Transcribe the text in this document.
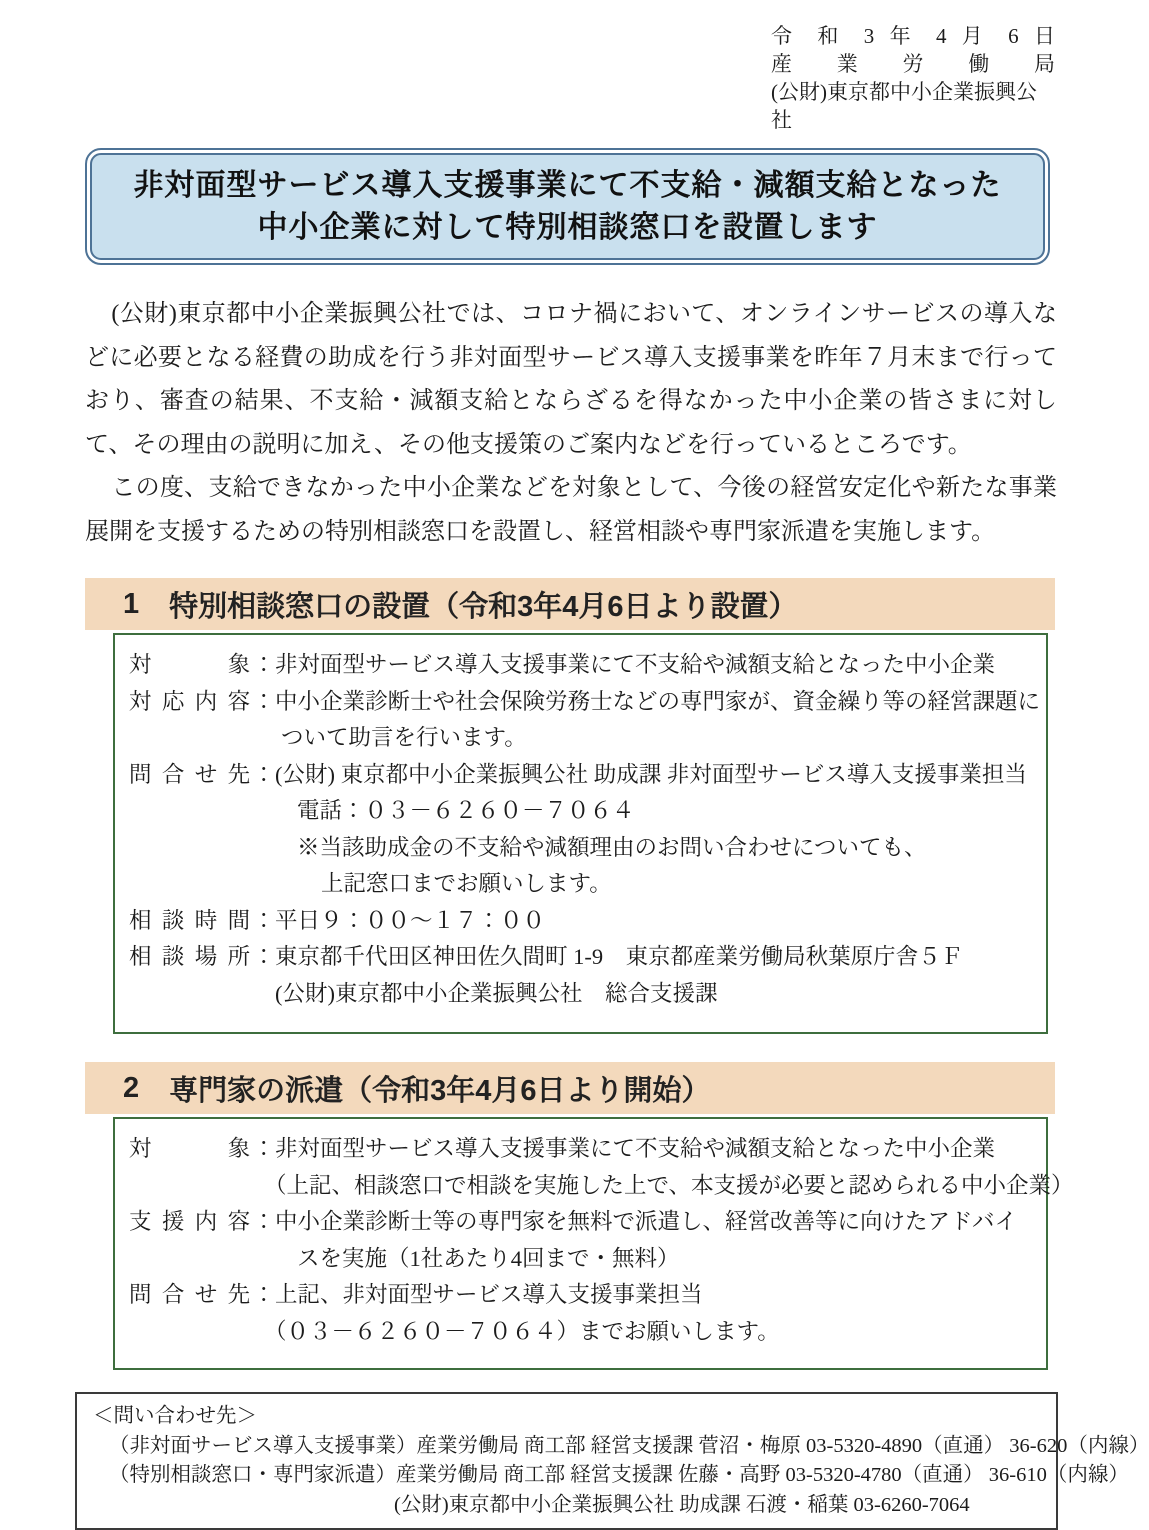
令 和 3 年 4 月 6 日
産 業 労 働 局
(公財)東京都中小企業振興公社
非対面型サービス導入支援事業にて不支給・減額支給となった
中小企業に対して特別相談窓口を設置します

(公財)東京都中小企業振興公社では、コロナ禍において、オンラインサービスの導入などに必要となる経費の助成を行う非対面型サービス導入支援事業を昨年７月末まで行っており、審査の結果、不支給・減額支給とならざるを得なかった中小企業の皆さまに対して、その理由の説明に加え、その他支援策のご案内などを行っているところです。

この度、支給できなかった中小企業などを対象として、今後の経営安定化や新たな事業展開を支援するための特別相談窓口を設置し、経営相談や専門家派遣を実施します。

1 特別相談窓口の設置（令和3年4月6日より設置）
対　　　象： 非対面型サービス導入支援事業にて不支給や減額支給となった中小企業
対 応 内 容： 中小企業診断士や社会保険労務士などの専門家が、資金繰り等の経営課題に
ついて助言を行います。
問 合 せ 先： (公財) 東京都中小企業振興公社 助成課 非対面型サービス導入支援事業担当
電話：０３－６２６０－７０６４
※当該助成金の不支給や減額理由のお問い合わせについても、
上記窓口までお願いします。
相 談 時 間： 平日９：００～１７：００
相 談 場 所： 東京都千代田区神田佐久間町 1-9　東京都産業労働局秋葉原庁舎５Ｆ
(公財)東京都中小企業振興公社　総合支援課
2 専門家の派遣（令和3年4月6日より開始）
対　　　象： 非対面型サービス導入支援事業にて不支給や減額支給となった中小企業
（上記、相談窓口で相談を実施した上で、本支援が必要と認められる中小企業）
支 援 内 容： 中小企業診断士等の専門家を無料で派遣し、経営改善等に向けたアドバイ
スを実施（1社あたり4回まで・無料）
問 合 せ 先： 上記、非対面型サービス導入支援事業担当
（０３－６２６０－７０６４）までお願いします。
＜問い合わせ先＞
（非対面サービス導入支援事業） 産業労働局 商工部 経営支援課 菅沼・梅原 03-5320-4890（直通） 36-620（内線）
（特別相談窓口・専門家派遣） 産業労働局 商工部 経営支援課 佐藤・高野 03-5320-4780（直通） 36-610（内線）
(公財)東京都中小企業振興公社 助成課 石渡・稲葉 03-6260-7064
